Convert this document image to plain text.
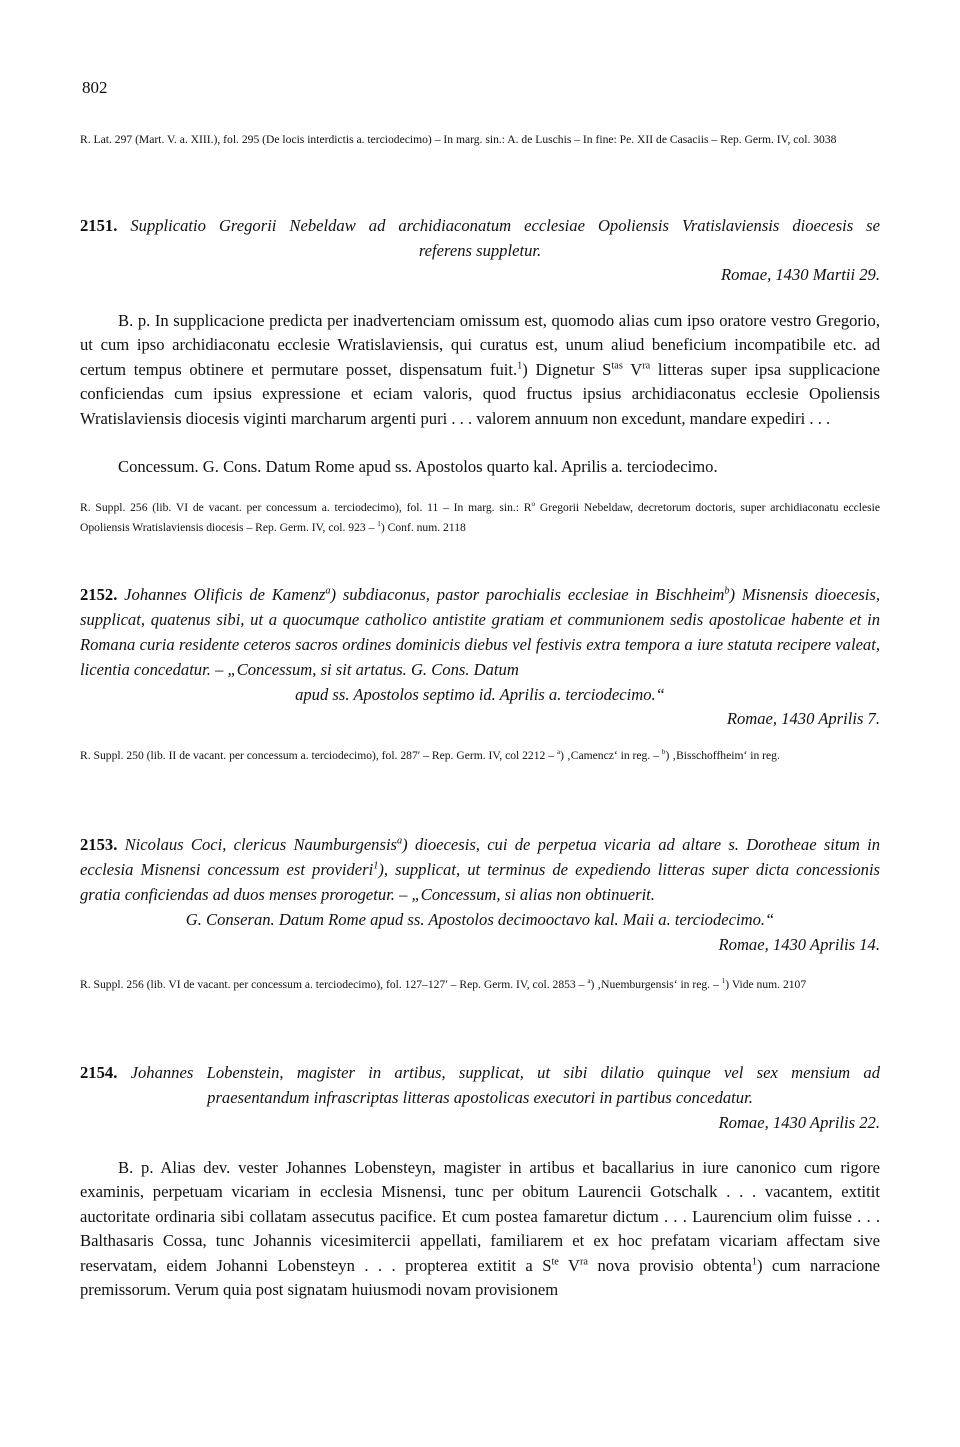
802
R. Lat. 297 (Mart. V. a. XIII.), fol. 295 (De locis interdictis a. terciodecimo) – In marg. sin.: A. de Luschis – In fine: Pe. XII de Casaciis – Rep. Germ. IV, col. 3038
2151. Supplicatio Gregorii Nebeldaw ad archidiaconatum ecclesiae Opoliensis Vratislaviensis dioecesis se
referens suppletur.
Romae, 1430 Martii 29.
B. p. In supplicacione predicta per inadvertenciam omissum est, quomodo alias cum ipso oratore vestro Gregorio, ut cum ipso archidiaconatu ecclesie Wratislaviensis, qui curatus est, unum aliud beneficium incompatibile etc. ad certum tempus obtinere et permutare posset, dispensatum fuit.$^1$) Dignetur $S^{tas}$ $V^{ra}$ litteras super ipsa supplicacione conficiendas cum ipsius expressione et eciam valoris, quod fructus ipsius archidiaconatus ecclesie Opoliensis Wratislaviensis diocesis viginti marcharum argenti puri . . . valorem annuum non excedunt, mandare expediri . . .
Concessum. G. Cons. Datum Rome apud ss. Apostolos quarto kal. Aprilis a. terciodecimo.
R. Suppl. 256 (lib. VI de vacant. per concessum a. terciodecimo), fol. 11 – In marg. sin.: $R^o$ Gregorii Nebeldaw, decretorum doctoris, super archidiaconatu ecclesie Opoliensis Wratislaviensis diocesis – Rep. Germ. IV, col. 923 – $^1$) Conf. num. 2118
2152. Johannes Olificis de Kamenz$^a$) subdiaconus, pastor parochialis ecclesiae in Bischheim$^b$) Misnensis dioecesis, supplicat, quatenus sibi, ut a quocumque catholico antistite gratiam et communionem sedis apostolicae habente et in Romana curia residente ceteros sacros ordines dominicis diebus vel festivis extra tempora a iure statuta recipere valeat, licentia concedatur. – „Concessum, si sit artatus. G. Cons. Datum
apud ss. Apostolos septimo id. Aprilis a. terciodecimo.“
Romae, 1430 Aprilis 7.
R. Suppl. 250 (lib. II de vacant. per concessum a. terciodecimo), fol. 287′ – Rep. Germ. IV, col 2212 – $^a$) ‚Camencz‘ in reg. – $^b$) ‚Bisschoffheim‘ in reg.
2153. Nicolaus Coci, clericus Naumburgensis$^a$) dioecesis, cui de perpetua vicaria ad altare s. Dorotheae situm in ecclesia Misnensi concessum est provideri$^1$), supplicat, ut terminus de expediendo litteras super dicta concessionis gratia conficiendas ad duos menses prorogetur. – „Concessum, si alias non obtinuerit.
G. Conseran. Datum Rome apud ss. Apostolos decimooctavo kal. Maii a. terciodecimo.“
Romae, 1430 Aprilis 14.
R. Suppl. 256 (lib. VI de vacant. per concessum a. terciodecimo), fol. 127–127′ – Rep. Germ. IV, col. 2853 – $^a$) ‚Nuemburgensis‘ in reg. – $^1$) Vide num. 2107
2154. Johannes Lobenstein, magister in artibus, supplicat, ut sibi dilatio quinque vel sex mensium ad
praesentandum infrascriptas litteras apostolicas executori in partibus concedatur.
Romae, 1430 Aprilis 22.
B. p. Alias dev. vester Johannes Lobensteyn, magister in artibus et bacallarius in iure canonico cum rigore examinis, perpetuam vicariam in ecclesia Misnensi, tunc per obitum Laurencii Gotschalk . . . vacantem, extitit auctoritate ordinaria sibi collatam assecutus pacifice. Et cum postea famaretur dictum . . . Laurencium olim fuisse . . . Balthasaris Cossa, tunc Johannis vicesimitercii appellati, familiarem et ex hoc prefatam vicariam affectam sive reservatam, eidem Johanni Lobensteyn . . . propterea extitit a $S^{te}$ $V^{ra}$ nova provisio obtenta$^1$) cum narracione premissorum. Verum quia post signatam huiusmodi novam provisionem
